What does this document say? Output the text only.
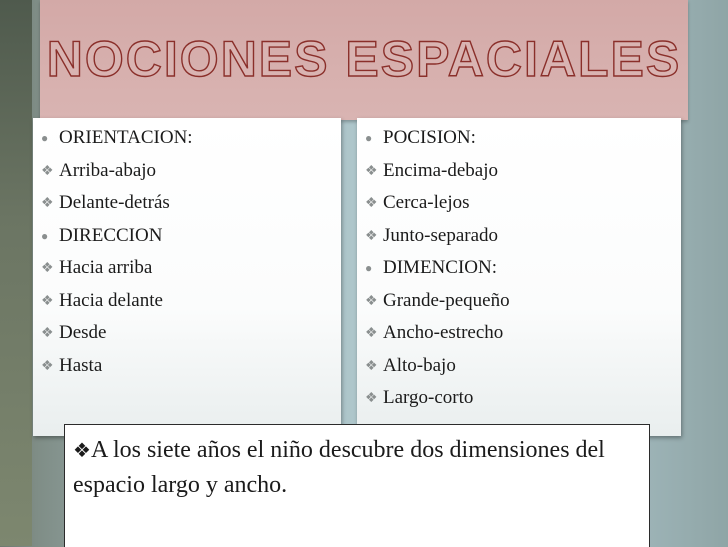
NOCIONES ESPACIALES
●ORIENTACION:
❖Arriba-abajo
❖Delante-detrás
●DIRECCION
❖Hacia arriba
❖Hacia delante
❖Desde
❖Hasta
●POCISION:
❖Encima-debajo
❖Cerca-lejos
❖Junto-separado
●DIMENCION:
❖Grande-pequeño
❖Ancho-estrecho
❖Alto-bajo
❖Largo-corto
❖A los siete años el niño descubre dos dimensiones del espacio largo y ancho.
